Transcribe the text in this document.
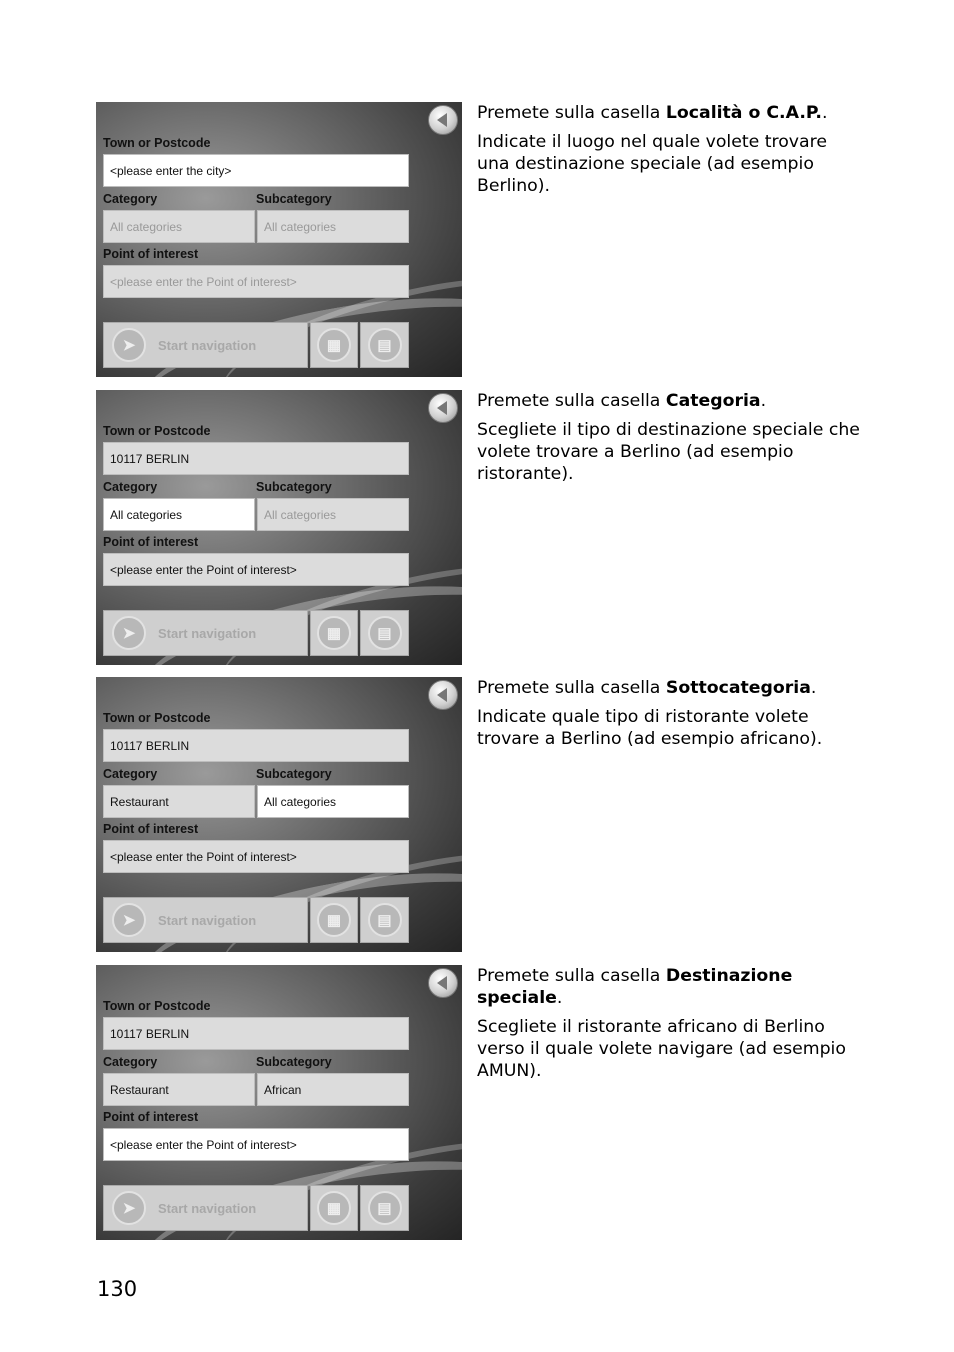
Town or Postcode
<please enter the city>
Category	Subcategory
All categories	All categories
Point of interest
<please enter the Point of interest>
➤	Start navigation	▦	▤

Premete sulla casella Località o C.A.P..

Indicate il luogo nel quale volete trovare una destinazione speciale (ad esempio Berlino).

Town or Postcode
10117 BERLIN
Category	Subcategory
All categories	All categories
Point of interest
<please enter the Point of interest>
➤	Start navigation	▦	▤

Premete sulla casella Categoria.

Scegliete il tipo di destinazione speciale che volete trovare a Berlino (ad esempio ristorante).

Town or Postcode
10117 BERLIN
Category	Subcategory
Restaurant	All categories
Point of interest
<please enter the Point of interest>
➤	Start navigation	▦	▤

Premete sulla casella Sottocategoria.

Indicate quale tipo di ristorante volete trovare a Berlino (ad esempio africano).

Town or Postcode
10117 BERLIN
Category	Subcategory
Restaurant	African
Point of interest
<please enter the Point of interest>
➤	Start navigation	▦	▤

Premete sulla casella Destinazione speciale.

Scegliete il ristorante africano di Berlino verso il quale volete navigare (ad esempio AMUN).

130
